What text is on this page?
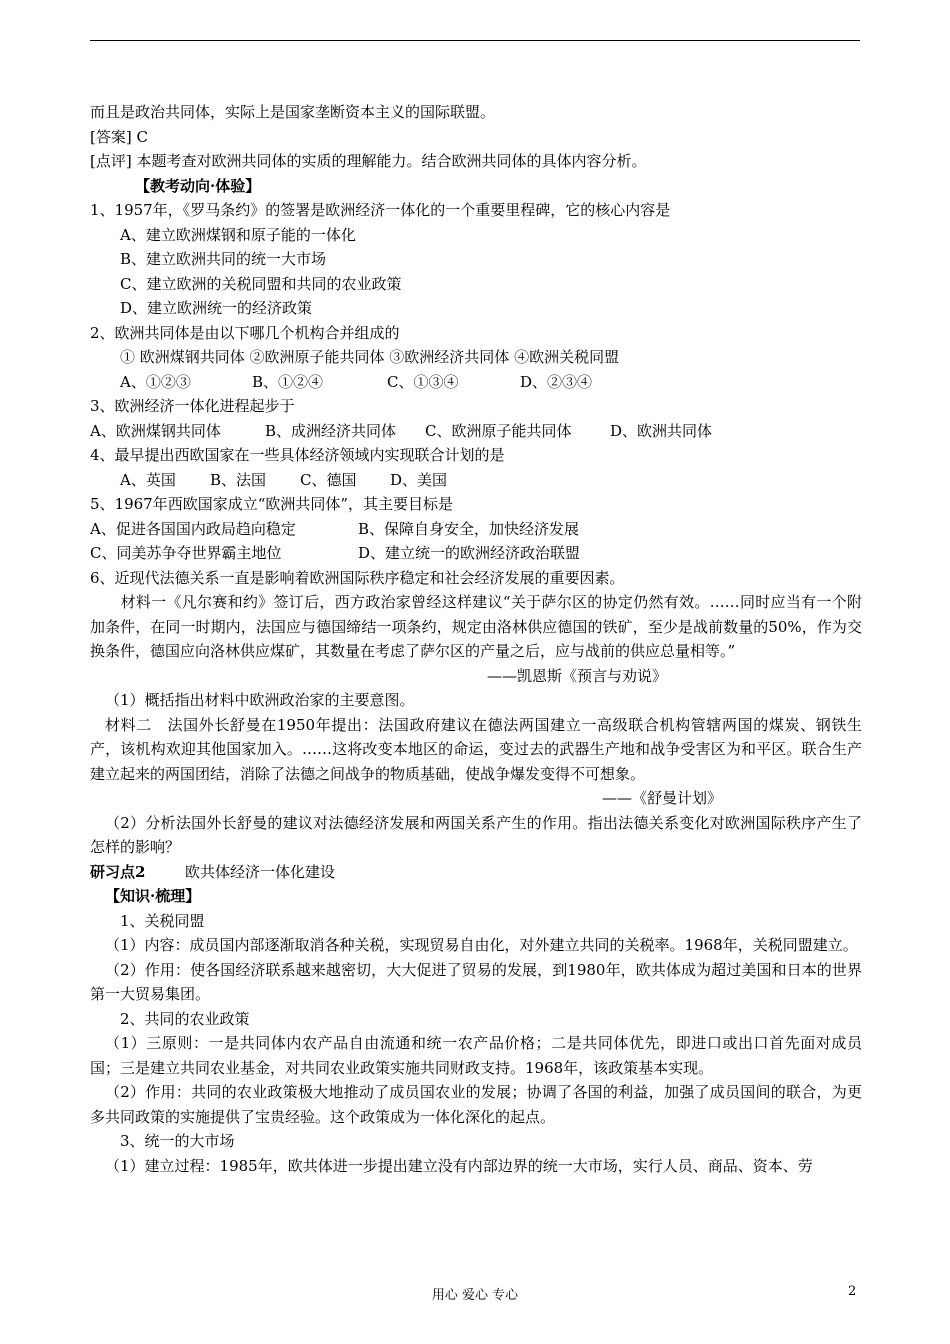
而且是政治共同体，实际上是国家垄断资本主义的国际联盟。
[答案] C
[点评] 本题考查对欧洲共同体的实质的理解能力。结合欧洲共同体的具体内容分析。
【教考动向·体验】
1、1957年，《罗马条约》的签署是欧洲经济一体化的一个重要里程碑，它的核心内容是
A、建立欧洲煤钢和原子能的一体化
B、建立欧洲共同的统一大市场
C、建立欧洲的关税同盟和共同的农业政策
D、建立欧洲统一的经济政策
2、欧洲共同体是由以下哪几个机构合并组成的
① 欧洲煤钢共同体 ②欧洲原子能共同体 ③欧洲经济共同体 ④欧洲关税同盟
A、①②③	B、①②④	C、①③④	D、②③④
3、欧洲经济一体化进程起步于
A、欧洲煤钢共同体	B、成洲经济共同体 C、欧洲原子能共同体	D、欧洲共同体
4、最早提出西欧国家在一些具体经济领域内实现联合计划的是
A、英国 B、法国 C、德国 D、美国
5、1967年西欧国家成立“欧洲共同体”，其主要目标是
A、促进各国国内政局趋向稳定	B、保障自身安全，加快经济发展
C、同美苏争夺世界霸主地位	D、建立统一的欧洲经济政治联盟
6、近现代法德关系一直是影响着欧洲国际秩序稳定和社会经济发展的重要因素。
　　材料一《凡尔赛和约》签订后，西方政治家曾经这样建议“关于萨尔区的协定仍然有效。……同时应当有一个附加条件，在同一时期内，法国应与德国缔结一项条约，规定由洛林供应德国的铁矿，至少是战前数量的50%，作为交换条件，德国应向洛林供应煤矿，其数量在考虑了萨尔区的产量之后，应与战前的供应总量相等。”
——凯恩斯《预言与劝说》
（1）概括指出材料中欧洲政治家的主要意图。
材料二　法国外长舒曼在1950年提出：法国政府建议在德法两国建立一高级联合机构管辖两国的煤炭、钢铁生产，该机构欢迎其他国家加入。……这将改变本地区的命运，变过去的武器生产地和战争受害区为和平区。联合生产建立起来的两国团结，消除了法德之间战争的物质基础，使战争爆发变得不可想象。
——《舒曼计划》
（2）分析法国外长舒曼的建议对法德经济发展和两国关系产生的作用。指出法德关系变化对欧洲国际秩序产生了怎样的影响？
研习点2	欧共体经济一体化建设
【知识·梳理】
1、关税同盟
（1）内容：成员国内部逐渐取消各种关税，实现贸易自由化，对外建立共同的关税率。1968年，关税同盟建立。
（2）作用：使各国经济联系越来越密切，大大促进了贸易的发展，到1980年，欧共体成为超过美国和日本的世界第一大贸易集团。
2、共同的农业政策
（1）三原则：一是共同体内农产品自由流通和统一农产品价格；二是共同体优先，即进口或出口首先面对成员国；三是建立共同农业基金，对共同农业政策实施共同财政支持。1968年，该政策基本实现。
（2）作用：共同的农业政策极大地推动了成员国农业的发展；协调了各国的利益，加强了成员国间的联合，为更多共同政策的实施提供了宝贵经验。这个政策成为一体化深化的起点。
3、统一的大市场
（1）建立过程：1985年，欧共体进一步提出建立没有内部边界的统一大市场，实行人员、商品、资本、劳
用心 爱心 专心	2
